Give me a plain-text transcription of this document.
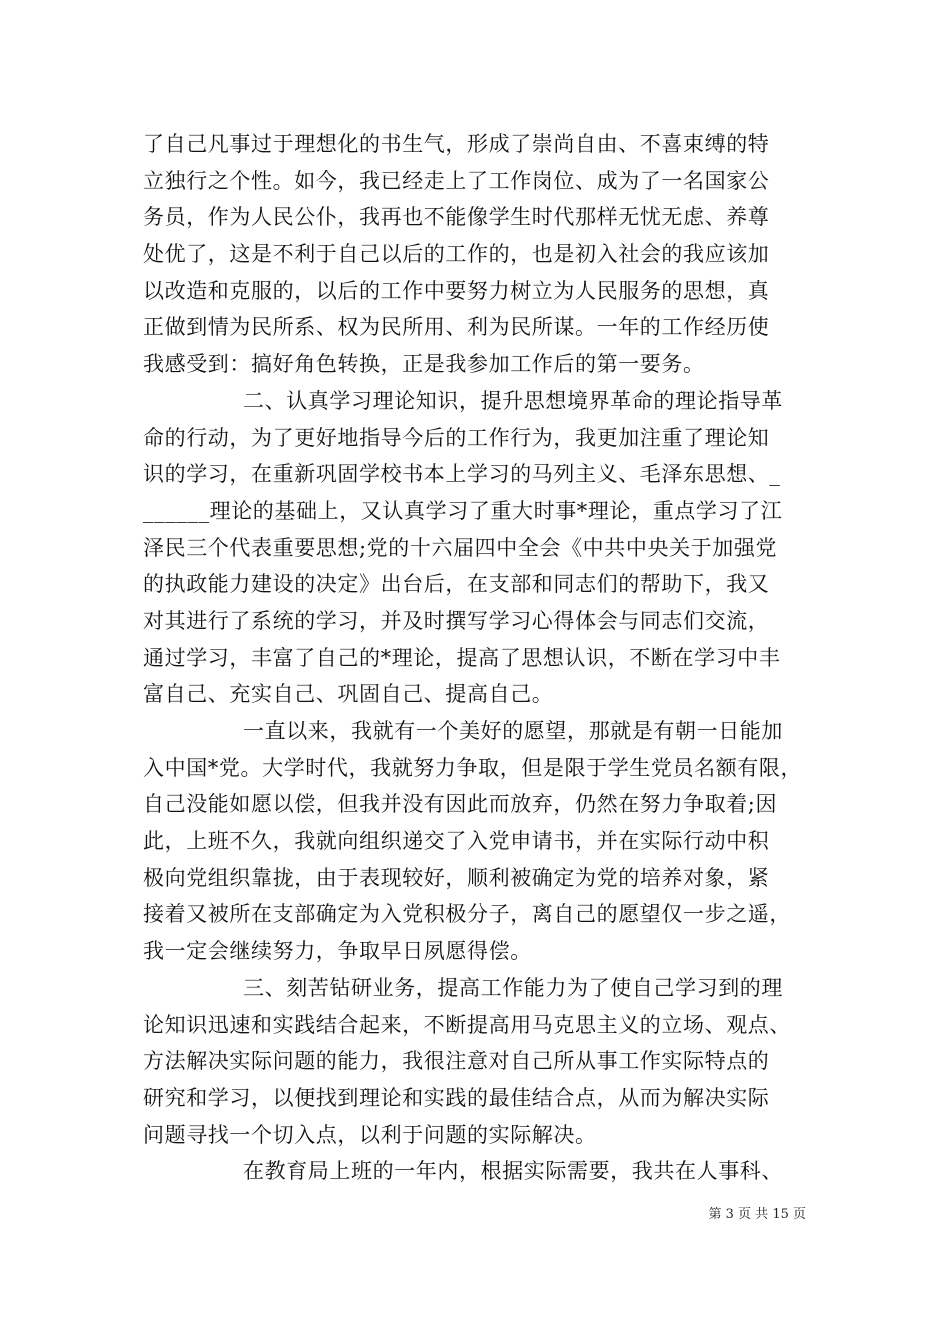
了自己凡事过于理想化的书生气，形成了崇尚自由、不喜束缚的特
立独行之个性。如今，我已经走上了工作岗位、成为了一名国家公
务员，作为人民公仆，我再也不能像学生时代那样无忧无虑、养尊
处优了，这是不利于自己以后的工作的，也是初入社会的我应该加
以改造和克服的，以后的工作中要努力树立为人民服务的思想，真
正做到情为民所系、权为民所用、利为民所谋。一年的工作经历使
我感受到：搞好角色转换，正是我参加工作后的第一要务。
二、认真学习理论知识，提升思想境界革命的理论指导革
命的行动，为了更好地指导今后的工作行为，我更加注重了理论知
识的学习，在重新巩固学校书本上学习的马列主义、毛泽东思想、_
______理论的基础上，又认真学习了重大时事*理论，重点学习了江
泽民三个代表重要思想;党的十六届四中全会《中共中央关于加强党
的执政能力建设的决定》出台后，在支部和同志们的帮助下，我又
对其进行了系统的学习，并及时撰写学习心得体会与同志们交流，
通过学习，丰富了自己的*理论，提高了思想认识，不断在学习中丰
富自己、充实自己、巩固自己、提高自己。
一直以来，我就有一个美好的愿望，那就是有朝一日能加
入中国*党。大学时代，我就努力争取，但是限于学生党员名额有限，
自己没能如愿以偿，但我并没有因此而放弃，仍然在努力争取着;因
此，上班不久，我就向组织递交了入党申请书，并在实际行动中积
极向党组织靠拢，由于表现较好，顺利被确定为党的培养对象，紧
接着又被所在支部确定为入党积极分子，离自己的愿望仅一步之遥，
我一定会继续努力，争取早日夙愿得偿。
三、刻苦钻研业务，提高工作能力为了使自己学习到的理
论知识迅速和实践结合起来，不断提高用马克思主义的立场、观点、
方法解决实际问题的能力，我很注意对自己所从事工作实际特点的
研究和学习，以便找到理论和实践的最佳结合点，从而为解决实际
问题寻找一个切入点，以利于问题的实际解决。
在教育局上班的一年内，根据实际需要，我共在人事科、
第 3 页 共 15 页
